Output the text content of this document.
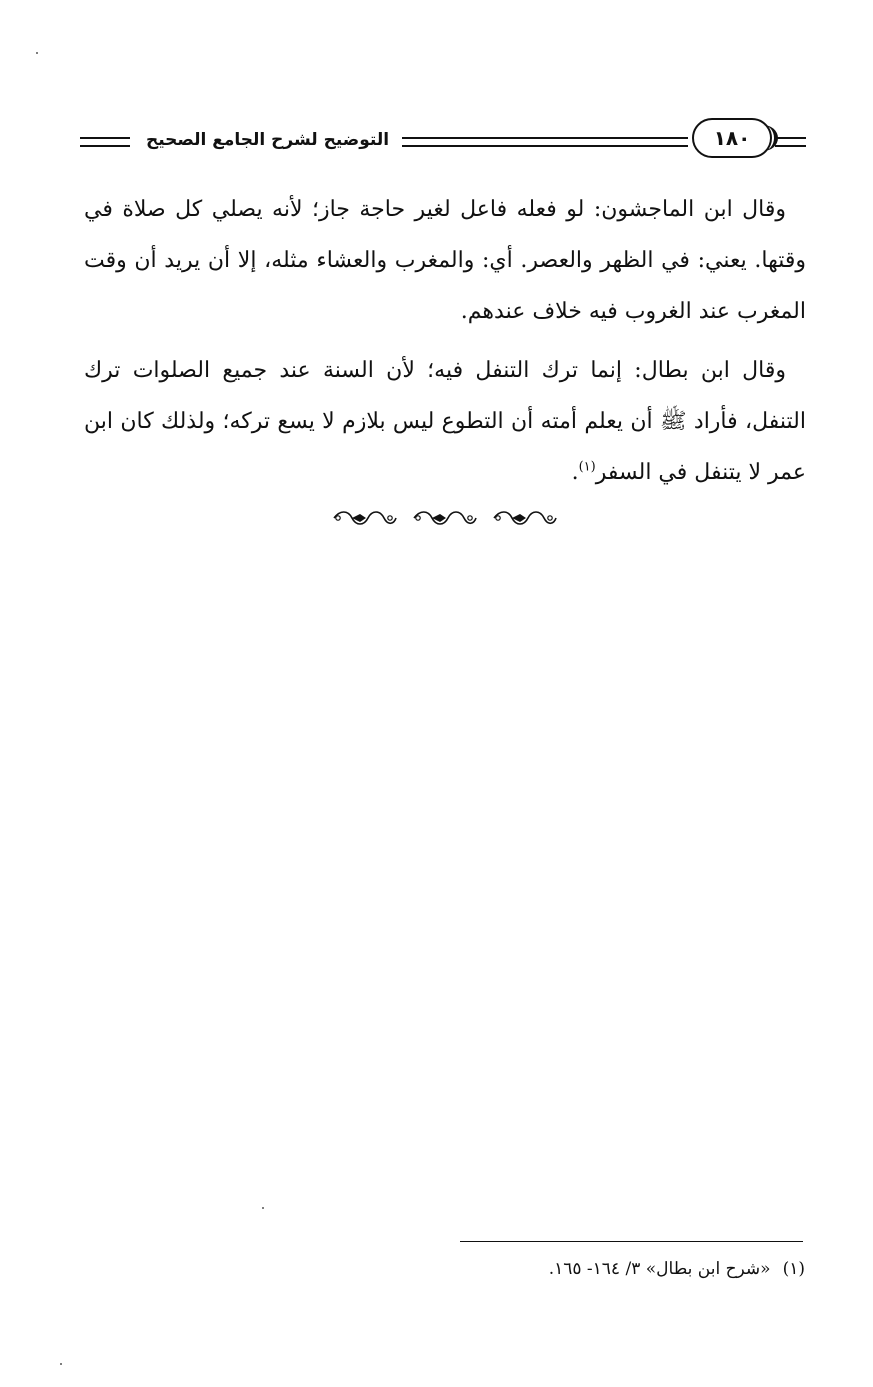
التوضيح لشرح الجامع الصحيح	١٨٠

وقال ابن الماجشون: لو فعله فاعل لغير حاجة جاز؛ لأنه يصلي كل صلاة في وقتها. يعني: في الظهر والعصر. أي: والمغرب والعشاء مثله، إلا أن يريد أن وقت المغرب عند الغروب فيه خلاف عندهم.

وقال ابن بطال: إنما ترك التنفل فيه؛ لأن السنة عند جميع الصلوات ترك التنفل، فأراد ﷺ أن يعلم أمته أن التطوع ليس بلازم لا يسع تركه؛ ولذلك كان ابن عمر لا يتنفل في السفر$^{(١)}$.

(١)«شرح ابن بطال» ٣/ ١٦٤- ١٦٥.
